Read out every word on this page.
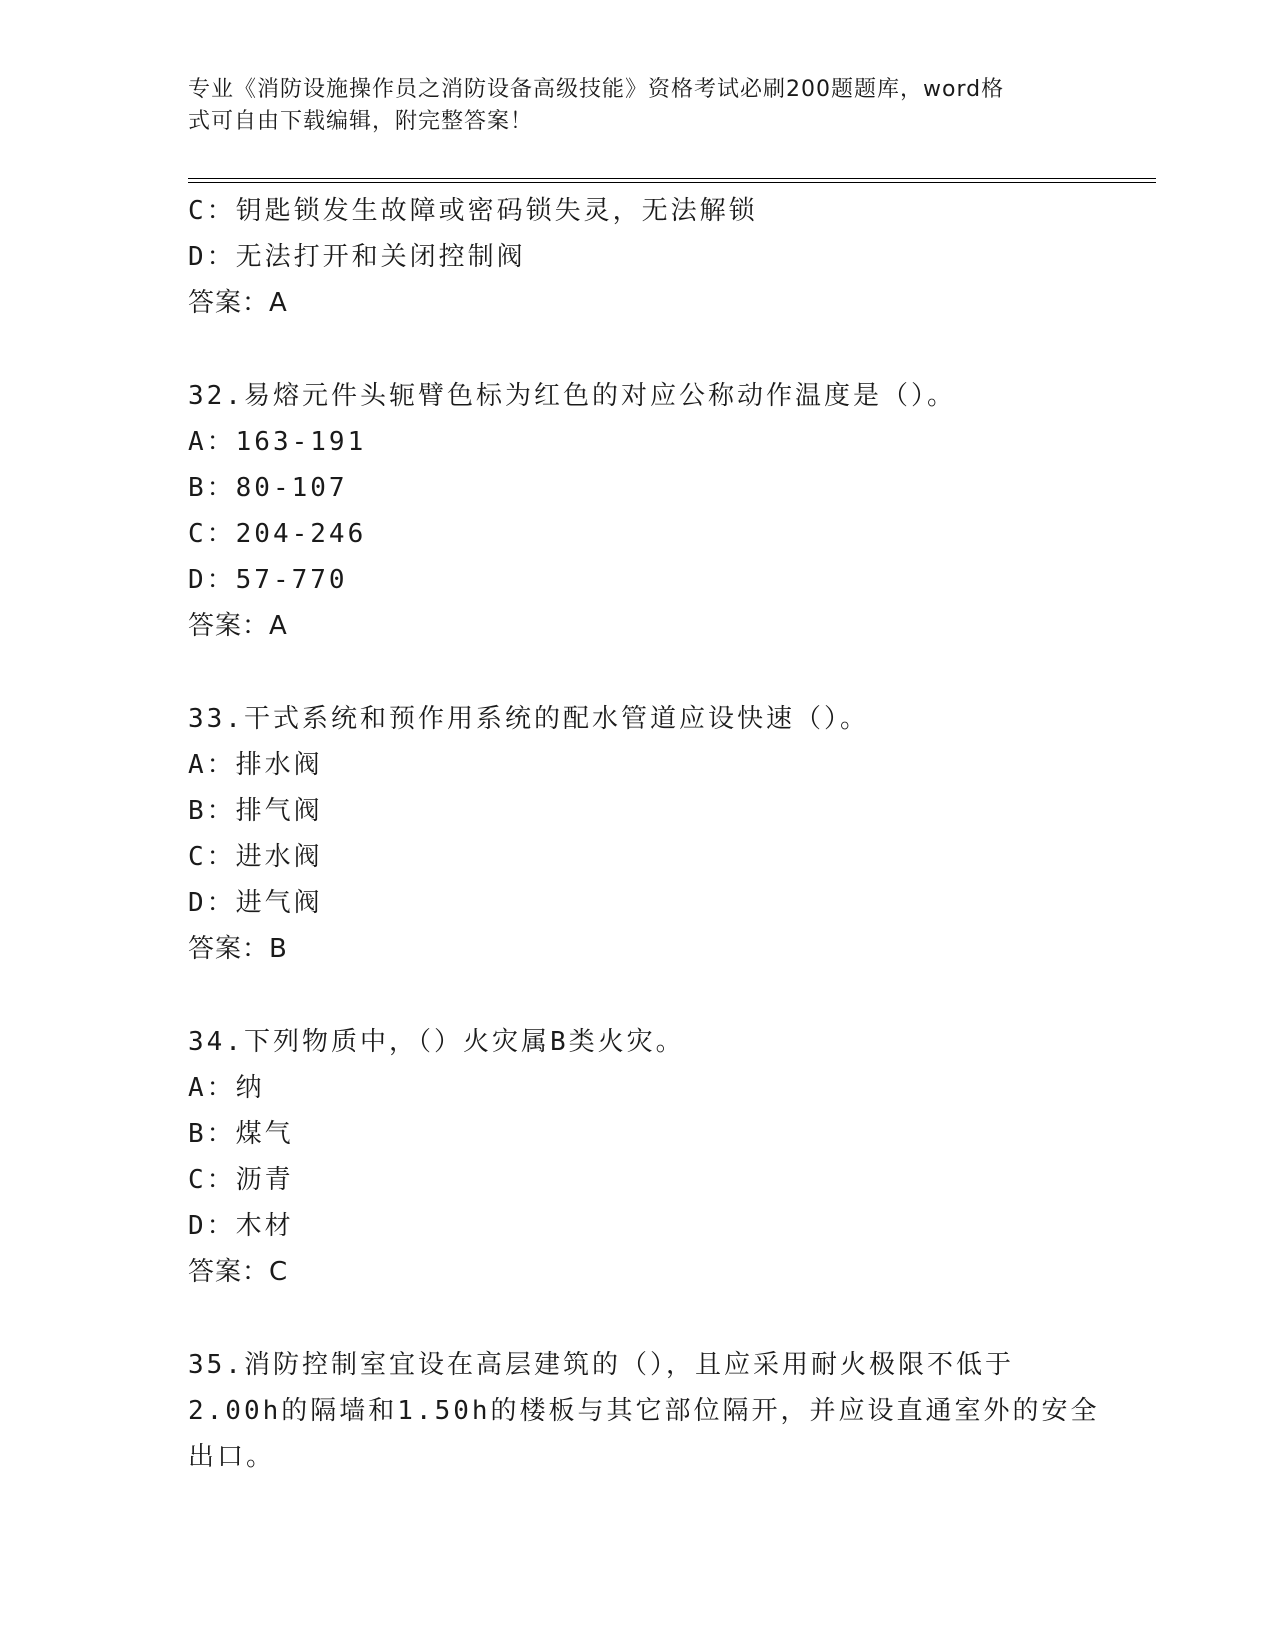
专业《消防设施操作员之消防设备高级技能》资格考试必刷200题题库，word格
式可自由下载编辑，附完整答案！
C：钥匙锁发生故障或密码锁失灵，无法解锁
D：无法打开和关闭控制阀
答案：A
32.易熔元件头轭臂色标为红色的对应公称动作温度是（）。
A：163-191
B：80-107
C：204-246
D：57-770
答案：A
33.干式系统和预作用系统的配水管道应设快速（）。
A：排水阀
B：排气阀
C：进水阀
D：进气阀
答案：B
34.下列物质中，（）火灾属B类火灾。
A：纳
B：煤气
C：沥青
D：木材
答案：C
35.消防控制室宜设在高层建筑的（），且应采用耐火极限不低于
2.00h的隔墙和1.50h的楼板与其它部位隔开，并应设直通室外的安全
出口。
